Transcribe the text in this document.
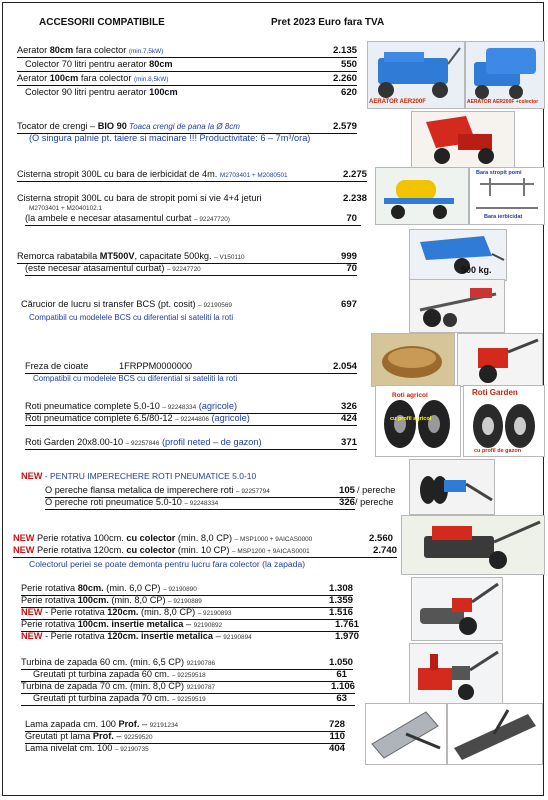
ACCESORII COMPATIBILE	Pret 2023 Euro fara TVA
Aerator 80cm fara colector (min.7,5kW)	2.135
Colector 70 litri pentru aerator 80cm	550
Aerator 100cm fara colector (min.8,5kW)	2.260
Colector 90 litri pentru aerator 100cm	620
AERATOR AER200F	AERATOR AER200F +colector
Tocator de crengi – BIO 90 Toaca crengi de pana la Ø 8cm	2.579
(O singura palnie pt. taiere si macinare !!! Productivitate: 6 – 7m³/ora)
Cisterna stropit 300L cu bara de ierbicidat de 4m. M2703401 + M2080501	2.275
Cisterna stropit 300L cu bara de stropit pomi si vie 4+4 jeturi	2.238
M2703401 + M2040102.1
(la ambele e necesar atasamentul curbat – 92247720)	70
Bara stropit pomi
Bara ierbicidat
Remorca rabatabila MT500V, capacitate 500kg. – V150110	999
(este necesar atasamentul curbat) – 92247720	70	500 kg.
Cărucior de lucru si transfer BCS (pt. cosit) – 92190569	697
Compatibil cu modelele BCS cu diferential si sateliti la roti
Freza de cioate	1FRPPM0000000	2.054
Compatibil cu modelele BCS cu diferential si sateliti la roti
Roti pneumatice complete 5.0-10 – 92248334 (agricole)	326
Roti pneumatice complete 6.5/80-12 – 92244806 (agricole)	424
Roti Garden 20x8.00-10 – 92257846 (profil neted – de gazon)	371
Roti agricol
cu profil agricol
Roti Garden
cu profil de gazon
NEW - PENTRU IMPERECHERE ROTI PNEUMATICE 5.0-10
O pereche flansa metalica de imperechere roti – 92257794	105 / pereche
O pereche roti pneumatice 5.0-10 – 92248334	326 / pereche
NEW Perie rotativa 100cm. cu colector (min. 8,0 CP) – MSP1000 + 9AICAS0000	2.560
NEW Perie rotativa 120cm. cu colector (min. 10 CP) – MSP1200 + 9AICAS0001	2.740
Colectorul periei se poate demonta pentru lucru fara colector (la zapada)
Perie rotativa 80cm. (min. 6,0 CP) – 92190890	1.308
Perie rotativa 100cm. (min. 8,0 CP) – 92190889	1.359
NEW - Perie rotativa 120cm. (min. 8,0 CP) – 92190893	1.516
Perie rotativa 100cm. insertie metalica – 92190892	1.761
NEW - Perie rotativa 120cm. insertie metalica – 92190894	1.970
Turbina de zapada 60 cm. (min. 6,5 CP) 92190786	1.050
Greutati pt turbina zapada 60 cm. – 92259518	61
Turbina de zapada 70 cm. (min. 8,0 CP) 92190787	1.106
Greutati pt turbina zapada 70 cm. – 92259519	63
Lama zapada cm. 100 Prof. – 92191234	728
Greutati pt lama Prof. – 92259520	110
Lama nivelat cm. 100 – 92190735	404
